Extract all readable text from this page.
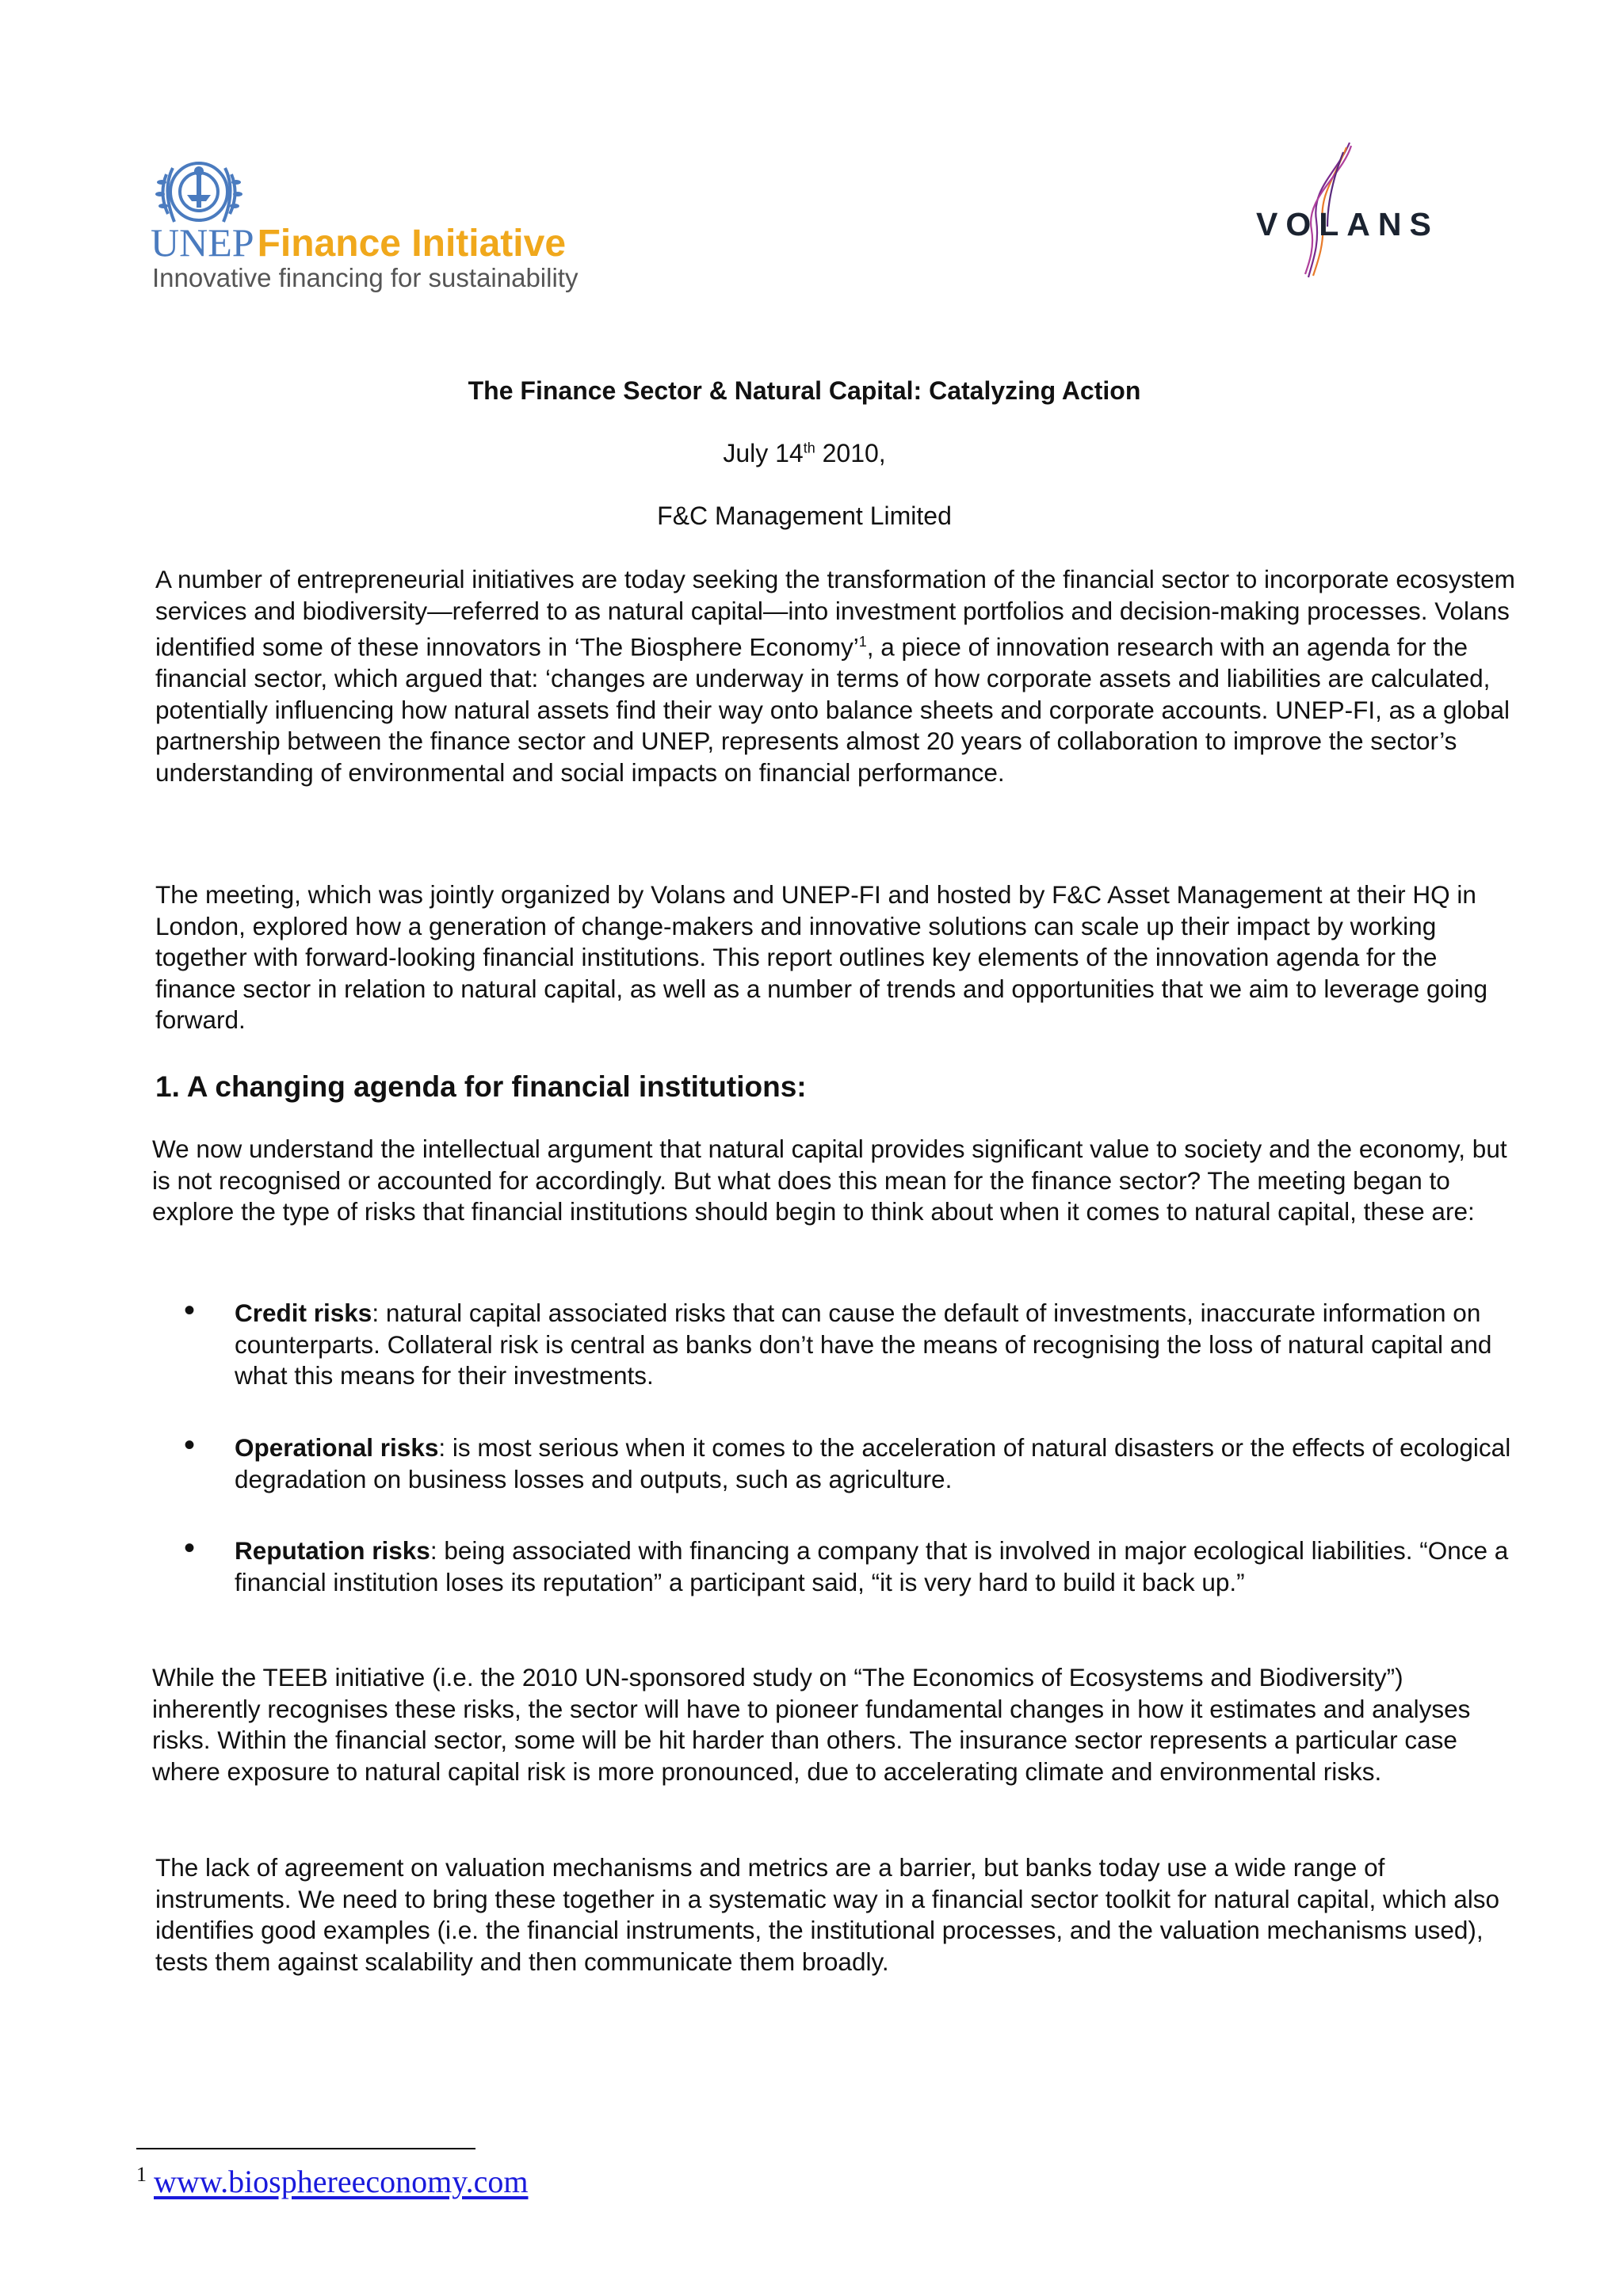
UNEPFinance Initiative
Innovative financing for sustainability
VOLANS
The Finance Sector & Natural Capital: Catalyzing Action
July 14th 2010,
F&C Management Limited
A number of entrepreneurial initiatives are today seeking the transformation of the financial sector to incorporate ecosystem services and biodiversity—referred to as natural capital—into investment portfolios and decision-making processes. Volans identified some of these innovators in ‘The Biosphere Economy’$^1$, a piece of innovation research with an agenda for the financial sector, which argued that: ‘changes are underway in terms of how corporate assets and liabilities are calculated, potentially influencing how natural assets find their way onto balance sheets and corporate accounts. UNEP-FI, as a global partnership between the finance sector and UNEP, represents almost 20 years of collaboration to improve the sector’s understanding of environmental and social impacts on financial performance.
The meeting, which was jointly organized by Volans and UNEP-FI and hosted by F&C Asset Management at their HQ in London, explored how a generation of change-makers and innovative solutions can scale up their impact by working together with forward-looking financial institutions. This report outlines key elements of the innovation agenda for the finance sector in relation to natural capital, as well as a number of trends and opportunities that we aim to leverage going forward.
1. A changing agenda for financial institutions:
We now understand the intellectual argument that natural capital provides significant value to society and the economy, but is not recognised or accounted for accordingly. But what does this mean for the finance sector? The meeting began to explore the type of risks that financial institutions should begin to think about when it comes to natural capital, these are:
• Credit risks: natural capital associated risks that can cause the default of investments, inaccurate information on counterparts. Collateral risk is central as banks don’t have the means of recognising the loss of natural capital and what this means for their investments.
• Operational risks: is most serious when it comes to the acceleration of natural disasters or the effects of ecological degradation on business losses and outputs, such as agriculture.
• Reputation risks: being associated with financing a company that is involved in major ecological liabilities. “Once a financial institution loses its reputation” a participant said, “it is very hard to build it back up.”
While the TEEB initiative (i.e. the 2010 UN-sponsored study on “The Economics of Ecosystems and Biodiversity”) inherently recognises these risks, the sector will have to pioneer fundamental changes in how it estimates and analyses risks. Within the financial sector, some will be hit harder than others. The insurance sector represents a particular case where exposure to natural capital risk is more pronounced, due to accelerating climate and environmental risks.
The lack of agreement on valuation mechanisms and metrics are a barrier, but banks today use a wide range of instruments. We need to bring these together in a systematic way in a financial sector toolkit for natural capital, which also identifies good examples (i.e. the financial instruments, the institutional processes, and the valuation mechanisms used), tests them against scalability and then communicate them broadly.
1 www.biosphereeconomy.com
